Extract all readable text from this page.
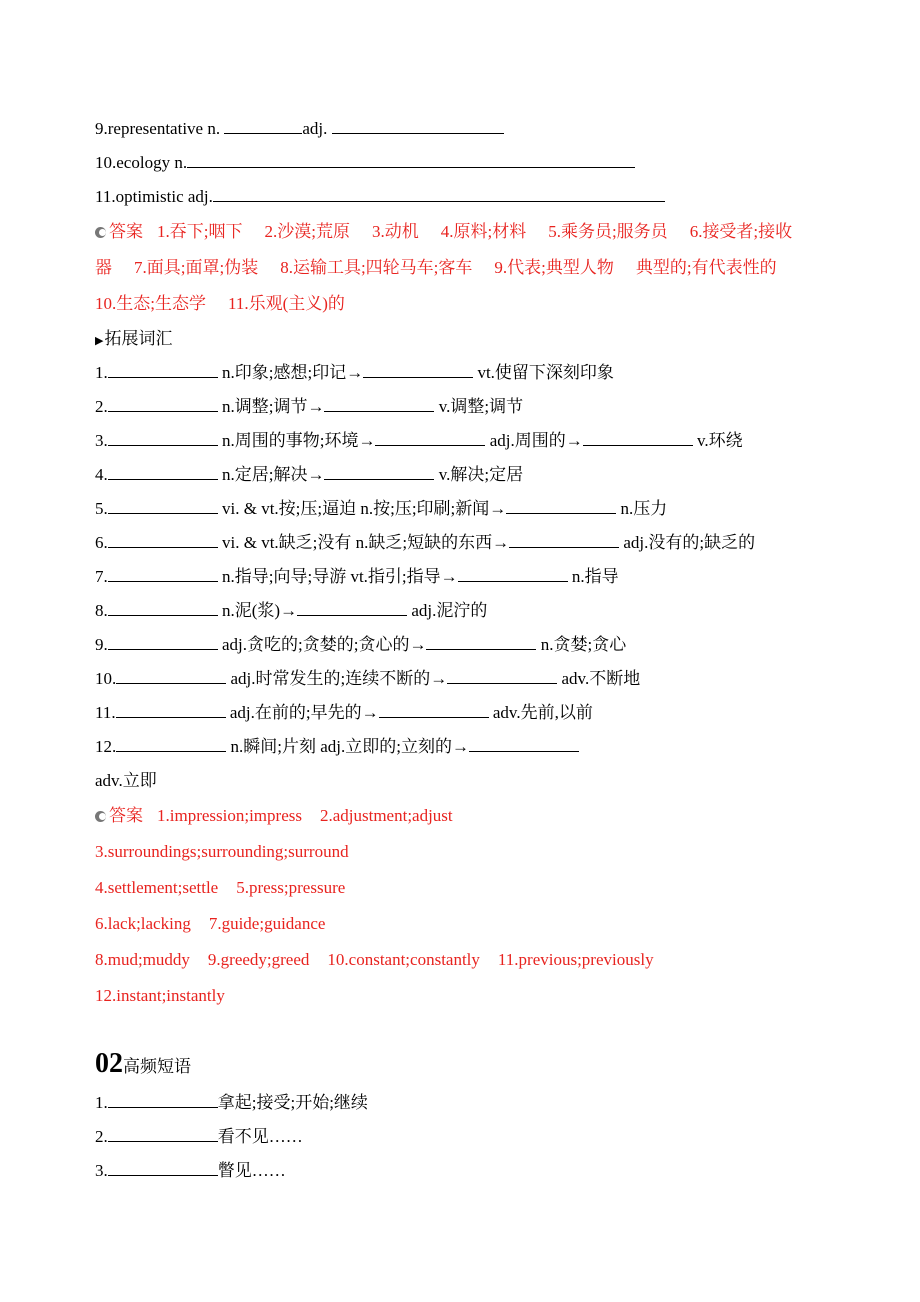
9.representative n.	adj.
10.ecology n.
11.optimistic adj.
答案 1.吞下;咽下 2.沙漠;荒原 3.动机 4.原料;材料 5.乘务员;服务员 6.接受者;接收
器 7.面具;面罩;伪装 8.运输工具;四轮马车;客车 9.代表;典型人物 典型的;有代表性的
10.生态;生态学 11.乐观(主义)的
▶拓展词汇
1.	n.印象;感想;印记→	vt.使留下深刻印象
2.	n.调整;调节→	v.调整;调节
3.	n.周围的事物;环境→	adj.周围的→	v.环绕
4.	n.定居;解决→	v.解决;定居
5.	vi. & vt.按;压;逼迫 n.按;压;印刷;新闻→	n.压力
6.	vi. & vt.缺乏;没有 n.缺乏;短缺的东西→	adj.没有的;缺乏的
7.	n.指导;向导;导游 vt.指引;指导→	n.指导
8.	n.泥(浆)→	adj.泥泞的
9.	adj.贪吃的;贪婪的;贪心的→	n.贪婪;贪心
10.	adj.时常发生的;连续不断的→	adv.不断地
11.	adj.在前的;早先的→	adv.先前,以前
12.	n.瞬间;片刻 adj.立即的;立刻的→
adv.立即
答案 1.impression;impress 2.adjustment;adjust
3.surroundings;surrounding;surround
4.settlement;settle 5.press;pressure
6.lack;lacking 7.guide;guidance
8.mud;muddy 9.greedy;greed 10.constant;constantly 11.previous;previously
12.instant;instantly
02高频短语
1.	拿起;接受;开始;继续
2.	看不见……
3.	瞥见……
